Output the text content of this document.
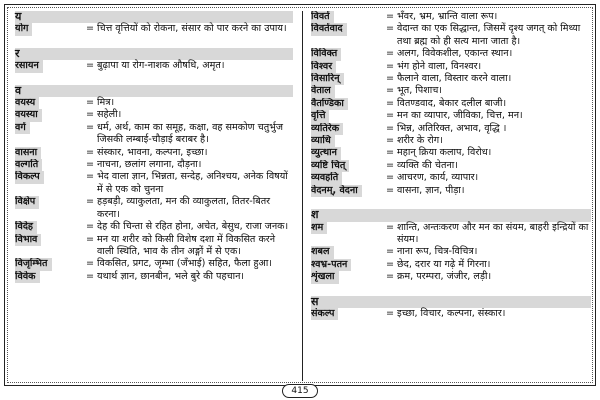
य
योग	= चित्त वृत्तियों को रोकना, संसार को पार करने का उपाय।
र
रसायन	= बुढ़ापा या रोग-नाशक औषधि, अमृत।
व
वयस्य	= मित्र।
वयस्या	= सहेली।
वर्ग	= धर्म, अर्थ, काम का समूह, कक्षा, वह समकोण चतुर्भुज जिसकी लम्बाई-चौड़ाई बराबर है।
वासना	= संस्कार, भावना, कल्पना, इच्छा।
वल्गति	= नाचना, छलांग लगाना, दौड़ना।
विकल्प	= भेद वाला ज्ञान, भिन्नता, सन्देह, अनिश्चय, अनेक विषयों में से एक को चुनना
विक्षेप	= हड़बड़ी, व्याकुलता, मन की व्याकुलता, तितर-बितर करना।
विदेह	= देह की चिन्ता से रहित होना, अचेत, बेसुध, राजा जनक।
विभाव	= मन या शरीर को किसी विशेष दशा में विकसित करने वाली स्थिति, भाव के तीन अङ्गों में से एक।
विजृम्भित	= विकसित, प्रगट, जृम्भा (जँभाई) सहित, फैला हुआ।
विवेक	= यथार्थ ज्ञान, छानबीन, भले बुरे की पहचान।
विवर्त	= भँवर, भ्रम, भ्रान्ति वाला रूप।
विवर्तवाद	= वेदान्त का एक सिद्धान्त, जिसमें दृश्य जगत् को मिथ्या तथा ब्रह्म को ही सत्य माना जाता है।
विविक्त	= अलग, विवेकशील, एकान्त स्थान।
विश्वर	= भंग होने वाला, विनश्वर।
विसारिन्	= फैलाने वाला, विस्तार करने वाला।
वेताल	= भूत, पिशाच।
वैतण्डिका	= वितण्डवाद, बेकार दलील बाजी।
वृत्ति	= मन का व्यापार, जीविका, चित्त, मन।
व्यतिरेक	= भिन्न, अतिरिक्त, अभाव, वृद्धि ।
व्याधि	= शरीर के रोग।
व्युत्थान	= महान् क्रिया कलाप, विरोध।
व्यष्टि चित्	= व्यक्ति की चेतना।
व्यवहति	= आचरण, कार्य, व्यापार।
वेदनम्, वेदना	= वासना, ज्ञान, पीड़ा।
श
शम	= शान्ति, अन्तःकरण और मन का संयम, बाहरी इन्द्रियों का संयम।
शबल	= नाना रूप, चित्र-विचित्र।
श्वभ्र-पतन	= छेद, दरार या गढ़े में गिरना।
शृंखला	= क्रम, परम्परा, जंजीर, लड़ी।
स
संकल्प	= इच्छा, विचार, कल्पना, संस्कार।
415
